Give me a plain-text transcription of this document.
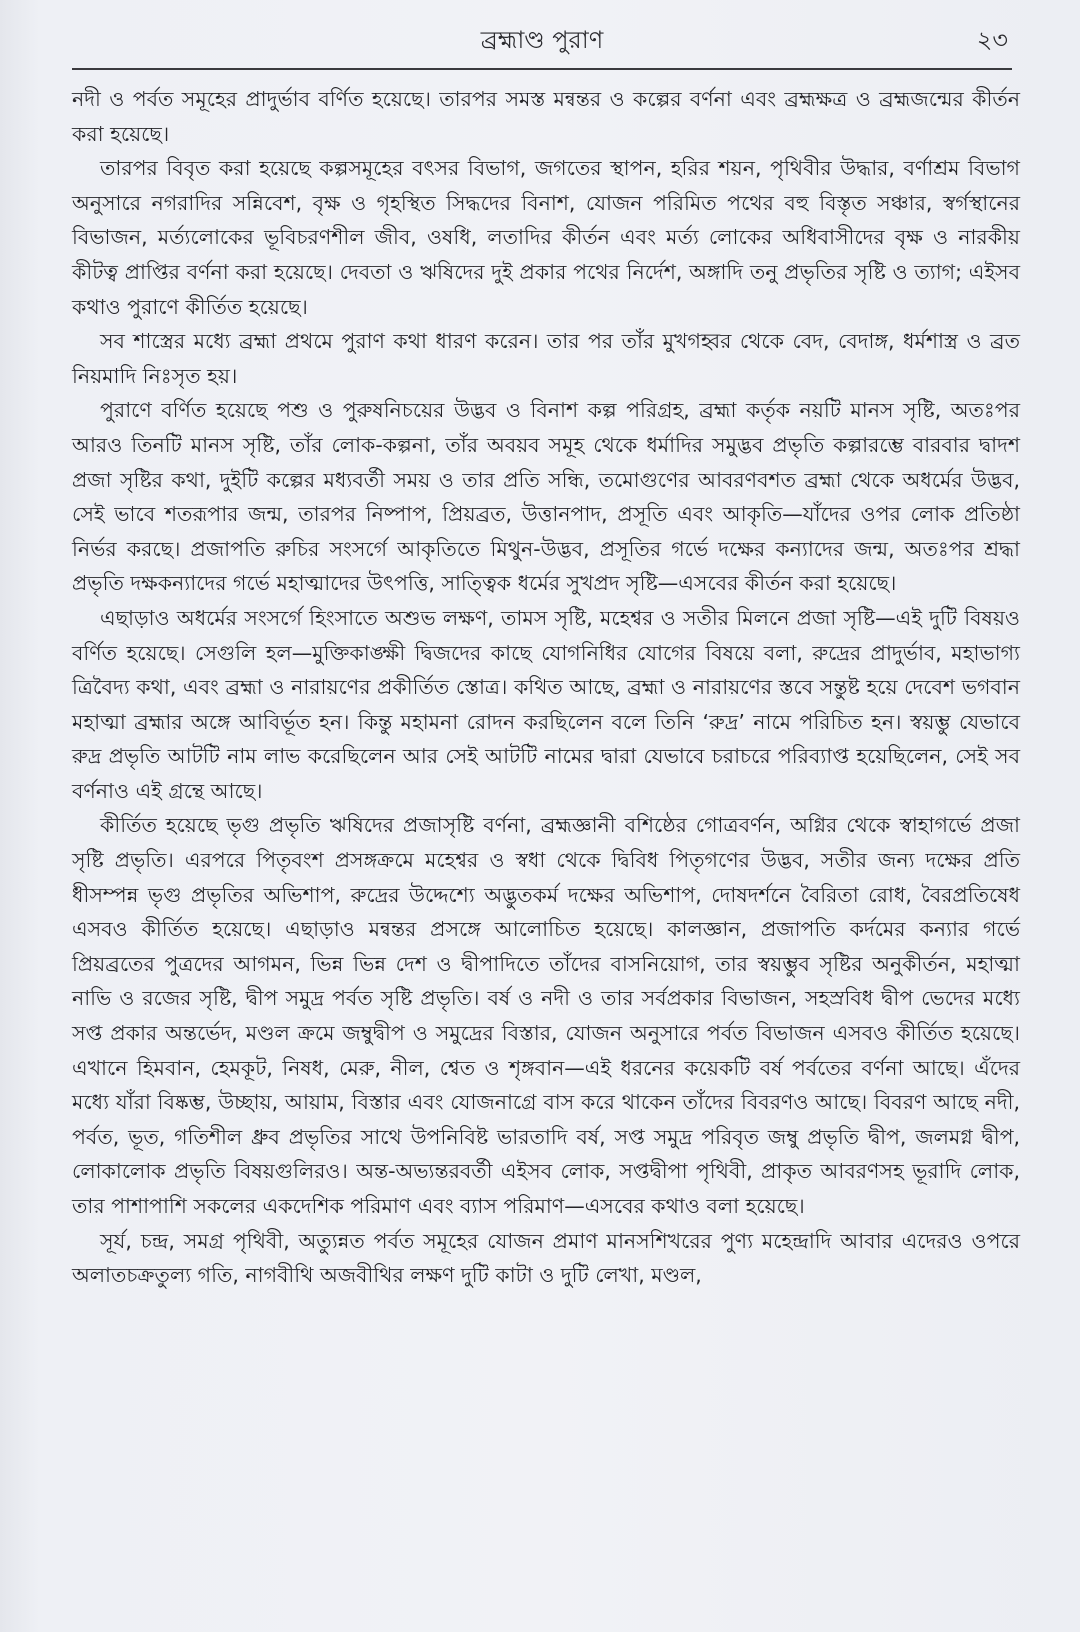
ব্রহ্মাণ্ড পুরাণ	২৩

নদী ও পর্বত সমূহের প্রাদুর্ভাব বর্ণিত হয়েছে। তারপর সমস্ত মন্বন্তর ও কল্পের বর্ণনা এবং ব্রহ্মক্ষত্র ও ব্রহ্মজন্মের কীর্তন করা হয়েছে।

তারপর বিবৃত করা হয়েছে কল্পসমূহের বৎসর বিভাগ, জগতের স্থাপন, হরির শয়ন, পৃথিবীর উদ্ধার, বর্ণাশ্রম বিভাগ অনুসারে নগরাদির সন্নিবেশ, বৃক্ষ ও গৃহস্থিত সিদ্ধদের বিনাশ, যোজন পরিমিত পথের বহু বিস্তৃত সঞ্চার, স্বর্গস্থানের বিভাজন, মর্ত্যলোকের ভূবিচরণশীল জীব, ওষধি, লতাদির কীর্তন এবং মর্ত্য লোকের অধিবাসীদের বৃক্ষ ও নারকীয় কীটত্ব প্রাপ্তির বর্ণনা করা হয়েছে। দেবতা ও ঋষিদের দুই প্রকার পথের নির্দেশ, অঙ্গাদি তনু প্রভৃতির সৃষ্টি ও ত্যাগ; এইসব কথাও পুরাণে কীর্তিত হয়েছে।

সব শাস্ত্রের মধ্যে ব্রহ্মা প্রথমে পুরাণ কথা ধারণ করেন। তার পর তাঁর মুখগহ্বর থেকে বেদ, বেদাঙ্গ, ধর্মশাস্ত্র ও ব্রত নিয়মাদি নিঃসৃত হয়।

পুরাণে বর্ণিত হয়েছে পশু ও পুরুষনিচয়ের উদ্ভব ও বিনাশ কল্প পরিগ্রহ, ব্রহ্মা কর্তৃক নয়টি মানস সৃষ্টি, অতঃপর আরও তিনটি মানস সৃষ্টি, তাঁর লোক-কল্পনা, তাঁর অবয়ব সমূহ থেকে ধর্মাদির সমুদ্ভব প্রভৃতি কল্পারম্ভে বারবার দ্বাদশ প্রজা সৃষ্টির কথা, দুইটি কল্পের মধ্যবর্তী সময় ও তার প্রতি সন্ধি, তমোগুণের আবরণবশত ব্রহ্মা থেকে অধর্মের উদ্ভব, সেই ভাবে শতরূপার জন্ম, তারপর নিষ্পাপ, প্রিয়ব্রত, উত্তানপাদ, প্রসূতি এবং আকৃতি—যাঁদের ওপর লোক প্রতিষ্ঠা নির্ভর করছে। প্রজাপতি রুচির সংসর্গে আকৃতিতে মিথুন-উদ্ভব, প্রসূতির গর্ভে দক্ষের কন্যাদের জন্ম, অতঃপর শ্রদ্ধা প্রভৃতি দক্ষকন্যাদের গর্ভে মহাত্মাদের উৎপত্তি, সাত্ত্বিক ধর্মের সুখপ্রদ সৃষ্টি—এসবের কীর্তন করা হয়েছে।

এছাড়াও অধর্মের সংসর্গে হিংসাতে অশুভ লক্ষণ, তামস সৃষ্টি, মহেশ্বর ও সতীর মিলনে প্রজা সৃষ্টি—এই দুটি বিষয়ও বর্ণিত হয়েছে। সেগুলি হল—মুক্তিকাঙ্ক্ষী দ্বিজদের কাছে যোগনিধির যোগের বিষয়ে বলা, রুদ্রের প্রাদুর্ভাব, মহাভাগ্য ত্রিবৈদ্য কথা, এবং ব্রহ্মা ও নারায়ণের প্রকীর্তিত স্তোত্র। কথিত আছে, ব্রহ্মা ও নারায়ণের স্তবে সন্তুষ্ট হয়ে দেবেশ ভগবান মহাত্মা ব্রহ্মার অঙ্গে আবির্ভূত হন। কিন্তু মহামনা রোদন করছিলেন বলে তিনি ‘রুদ্র’ নামে পরিচিত হন। স্বয়ম্ভু যেভাবে রুদ্র প্রভৃতি আটটি নাম লাভ করেছিলেন আর সেই আটটি নামের দ্বারা যেভাবে চরাচরে পরিব্যাপ্ত হয়েছিলেন, সেই সব বর্ণনাও এই গ্রন্থে আছে।

কীর্তিত হয়েছে ভৃগু প্রভৃতি ঋষিদের প্রজাসৃষ্টি বর্ণনা, ব্রহ্মজ্ঞানী বশিষ্ঠের গোত্রবর্ণন, অগ্নির থেকে স্বাহাগর্ভে প্রজা সৃষ্টি প্রভৃতি। এরপরে পিতৃবংশ প্রসঙ্গক্রমে মহেশ্বর ও স্বধা থেকে দ্বিবিধ পিতৃগণের উদ্ভব, সতীর জন্য দক্ষের প্রতি ধীসম্পন্ন ভৃগু প্রভৃতির অভিশাপ, রুদ্রের উদ্দেশ্যে অদ্ভুতকর্ম দক্ষের অভিশাপ, দোষদর্শনে বৈরিতা রোধ, বৈরপ্রতিষেধ এসবও কীর্তিত হয়েছে। এছাড়াও মন্বন্তর প্রসঙ্গে আলোচিত হয়েছে। কালজ্ঞান, প্রজাপতি কর্দমের কন্যার গর্ভে প্রিয়ব্রতের পুত্রদের আগমন, ভিন্ন ভিন্ন দেশ ও দ্বীপাদিতে তাঁদের বাসনিয়োগ, তার স্বয়ম্ভুব সৃষ্টির অনুকীর্তন, মহাত্মা নাভি ও রজের সৃষ্টি, দ্বীপ সমুদ্র পর্বত সৃষ্টি প্রভৃতি। বর্ষ ও নদী ও তার সর্বপ্রকার বিভাজন, সহস্রবিধ দ্বীপ ভেদের মধ্যে সপ্ত প্রকার অন্তর্ভেদ, মণ্ডল ক্রমে জম্বুদ্বীপ ও সমুদ্রের বিস্তার, যোজন অনুসারে পর্বত বিভাজন এসবও কীর্তিত হয়েছে। এখানে হিমবান, হেমকূট, নিষধ, মেরু, নীল, শ্বেত ও শৃঙ্গবান—এই ধরনের কয়েকটি বর্ষ পর্বতের বর্ণনা আছে। এঁদের মধ্যে যাঁরা বিষ্কম্ভ, উচ্ছায়, আয়াম, বিস্তার এবং যোজনাগ্রে বাস করে থাকেন তাঁদের বিবরণও আছে। বিবরণ আছে নদী, পর্বত, ভূত, গতিশীল ধ্রুব প্রভৃতির সাথে উপনিবিষ্ট ভারতাদি বর্ষ, সপ্ত সমুদ্র পরিবৃত জম্বু প্রভৃতি দ্বীপ, জলমগ্ন দ্বীপ, লোকালোক প্রভৃতি বিষয়গুলিরও। অন্ত-অভ্যন্তরবর্তী এইসব লোক, সপ্তদ্বীপা পৃথিবী, প্রাকৃত আবরণসহ ভূরাদি লোক, তার পাশাপাশি সকলের একদেশিক পরিমাণ এবং ব্যাস পরিমাণ—এসবের কথাও বলা হয়েছে।

সূর্য, চন্দ্র, সমগ্র পৃথিবী, অত্যুন্নত পর্বত সমূহের যোজন প্রমাণ মানসশিখরের পুণ্য মহেন্দ্রাদি আবার এদেরও ওপরে অলাতচক্রতুল্য গতি, নাগবীথি অজবীথির লক্ষণ দুটি কাটা ও দুটি লেখা, মণ্ডল,
